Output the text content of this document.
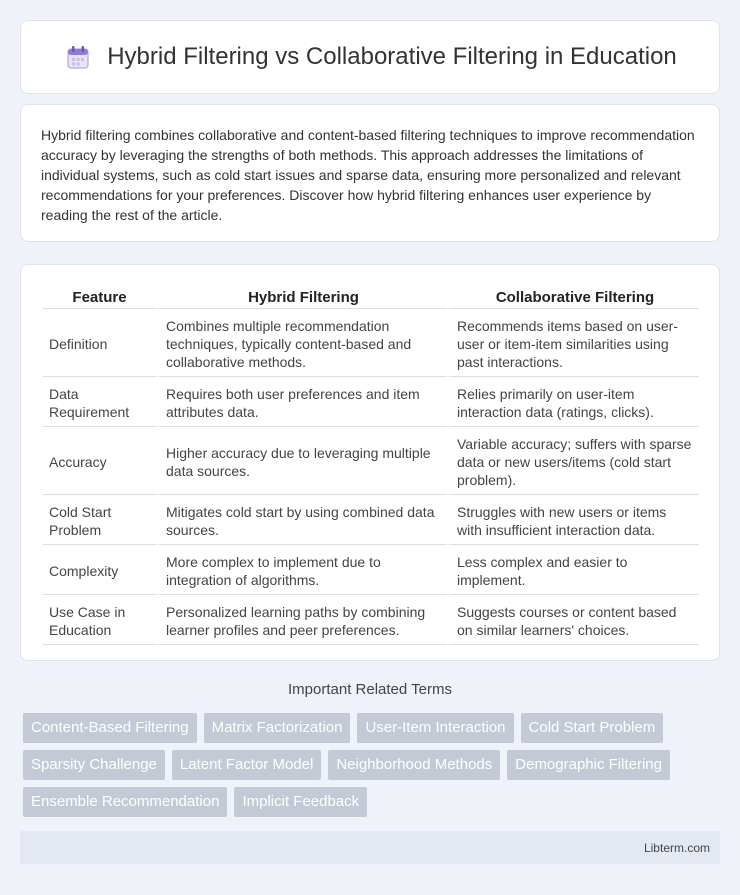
Hybrid Filtering vs Collaborative Filtering in Education

Hybrid filtering combines collaborative and content-based filtering techniques to improve recommendation accuracy by leveraging the strengths of both methods. This approach addresses the limitations of individual systems, such as cold start issues and sparse data, ensuring more personalized and relevant recommendations for your preferences. Discover how hybrid filtering enhances user experience by reading the rest of the article.

Feature	Hybrid Filtering	Collaborative Filtering
Definition	Combines multiple recommendation techniques, typically content-based and collaborative methods.	Recommends items based on user-user or item-item similarities using past interactions.
Data Requirement	Requires both user preferences and item attributes data.	Relies primarily on user-item interaction data (ratings, clicks).
Accuracy	Higher accuracy due to leveraging multiple data sources.	Variable accuracy; suffers with sparse data or new users/items (cold start problem).
Cold Start Problem	Mitigates cold start by using combined data sources.	Struggles with new users or items with insufficient interaction data.
Complexity	More complex to implement due to integration of algorithms.	Less complex and easier to implement.
Use Case in Education	Personalized learning paths by combining learner profiles and peer preferences.	Suggests courses or content based on similar learners' choices.
Important Related Terms
Content-Based Filtering	Matrix Factorization	User-Item Interaction	Cold Start Problem
Sparsity Challenge	Latent Factor Model	Neighborhood Methods	Demographic Filtering
Ensemble Recommendation	Implicit Feedback
Libterm.com
